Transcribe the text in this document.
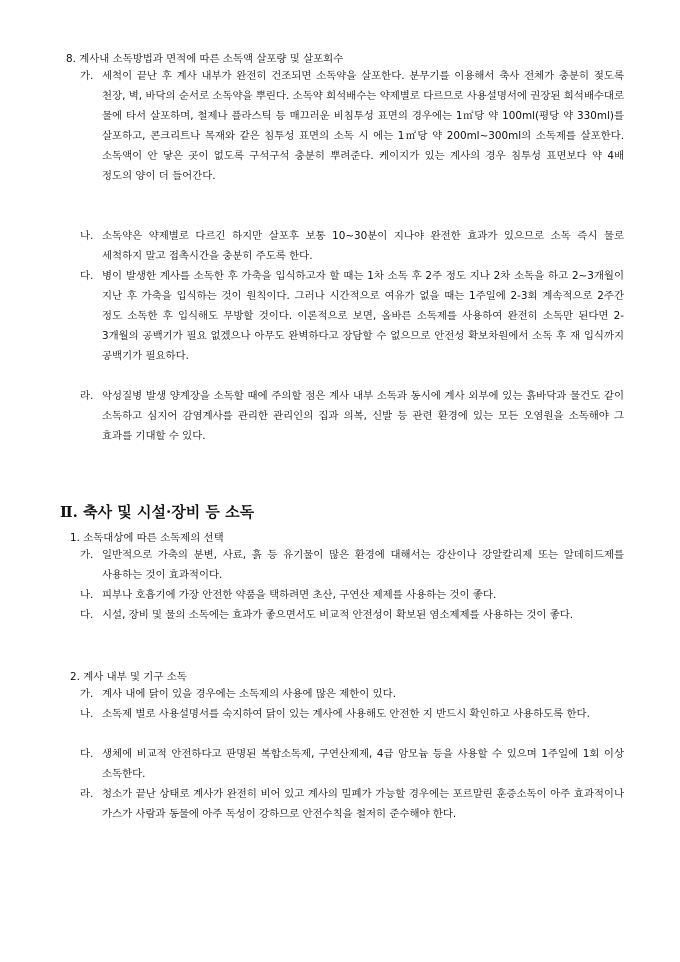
8. 계사내 소독방법과 면적에 따른 소독액 살포량 및 살포회수
가. 세척이 끝난 후 계사 내부가 완전히 건조되면 소독약을 살포한다. 분무기를 이용해서 축사 전체가 충분히 젖도록 천장, 벽, 바닥의 순서로 소독약을 뿌린다. 소독약 희석배수는 약제별로 다르므로 사용설명서에 권장된 희석배수대로 물에 타서 살포하며, 철제나 플라스틱 등 매끄러운 비침투성 표면의 경우에는 1㎡당 약 100ml(평당 약 330ml)를 살포하고, 콘크리트나 목재와 같은 침투성 표면의 소독 시 에는 1㎡당 약 200ml~300ml의 소독제를 살포한다. 소독액이 안 닿은 곳이 없도록 구석구석 충분히 뿌려준다. 케이지가 있는 계사의 경우 침투성 표면보다 약 4배 정도의 양이 더 들어간다.
나. 소독약은 약제별로 다르긴 하지만 살포후 보통 10~30분이 지나야 완전한 효과가 있으므로 소독 즉시 물로 세척하지 말고 접촉시간을 충분히 주도록 한다.
다. 병이 발생한 계사를 소독한 후 가축을 입식하고자 할 때는 1차 소독 후 2주 정도 지나 2차 소독을 하고 2~3개월이 지난 후 가축을 입식하는 것이 원칙이다. 그러나 시간적으로 여유가 없을 때는 1주일에 2-3회 계속적으로 2주간 정도 소독한 후 입식해도 무방할 것이다. 이론적으로 보면, 올바른 소독제를 사용하여 완전히 소독만 된다면 2-3개월의 공백기가 필요 없겠으나 아무도 완벽하다고 장담할 수 없으므로 안전성 확보차원에서 소독 후 재 입식까지 공백기가 필요하다.
라. 악성질병 발생 양계장을 소독할 때에 주의할 점은 계사 내부 소독과 동시에 계사 외부에 있는 흙바닥과 물건도 같이 소독하고 심지어 감염계사를 관리한 관리인의 집과 의복, 신발 등 관련 환경에 있는 모든 오염원을 소독해야 그 효과를 기대할 수 있다.
Ⅱ. 축사 및 시설·장비 등 소독
1. 소독대상에 따른 소독제의 선택
가. 일반적으로 가축의 분변, 사료, 흙 등 유기물이 많은 환경에 대해서는 강산이나 강알칼리제 또는 알데히드제를 사용하는 것이 효과적이다.
나. 피부나 호흡기에 가장 안전한 약품을 택하려면 초산, 구연산 제제를 사용하는 것이 좋다.
다. 시설, 장비 및 물의 소독에는 효과가 좋으면서도 비교적 안전성이 확보된 염소제제를 사용하는 것이 좋다.
2. 계사 내부 및 기구 소독
가. 계사 내에 닭이 있을 경우에는 소독제의 사용에 많은 제한이 있다.
나. 소독제 별로 사용설명서를 숙지하여 닭이 있는 계사에 사용해도 안전한 지 반드시 확인하고 사용하도록 한다.
다. 생체에 비교적 안전하다고 판명된 복합소독제, 구연산제제, 4급 암모늄 등을 사용할 수 있으며 1주일에 1회 이상 소독한다.
라. 청소가 끝난 상태로 계사가 완전히 비어 있고 계사의 밀폐가 가능할 경우에는 포르말린 훈증소독이 아주 효과적이나 가스가 사람과 동물에 아주 독성이 강하므로 안전수칙을 철저히 준수해야 한다.
